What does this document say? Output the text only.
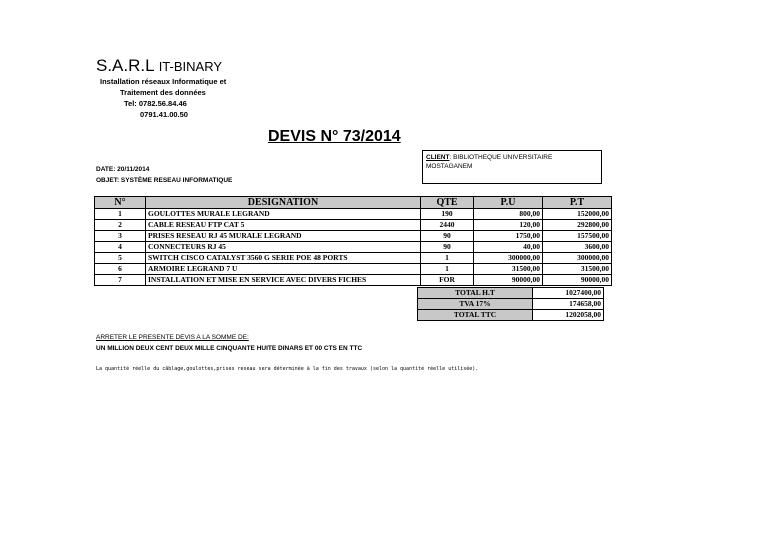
S.A.R.L IT-BINARY
Installation réseaux Informatique et
Traitement des données
Tel: 0782.56.84.46
0791.41.00.50
DEVIS N° 73/2014
DATE: 20/11/2014
OBJET: SYSTÈME RESEAU INFORMATIQUE
CLIENT: BIBLIOTHEQUE UNIVERSITAIRE
MOSTAGANEM
N°	DESIGNATION	QTE	P.U	P.T
1	GOULOTTES MURALE LEGRAND	190	800,00	152000,00
2	CABLE RESEAU FTP CAT 5	2440	120,00	292800,00
3	PRISES RESEAU RJ 45 MURALE LEGRAND	90	1750,00	157500,00
4	CONNECTEURS RJ 45	90	40,00	3600,00
5	SWITCH CISCO CATALYST 3560 G SERIE POE 48 PORTS	1	300000,00	300000,00
6	ARMOIRE LEGRAND 7 U	1	31500,00	31500,00
7	INSTALLATION ET MISE EN SERVICE AVEC DIVERS FICHES	FOR	90000,00	90000,00
TOTAL H.T	1027400,00
TVA 17%	174658,00
TOTAL TTC	1202058,00
ARRETER LE PRESENTE DEVIS A LA SOMME DE:
UN MILLION DEUX CENT DEUX MILLE CINQUANTE HUITE DINARS ET 00 CTS EN TTC
La quantité réelle du câblage,goulottes,prises reseau sera déterminée à la fin des travaux (selon la quantité réelle utilisée).
